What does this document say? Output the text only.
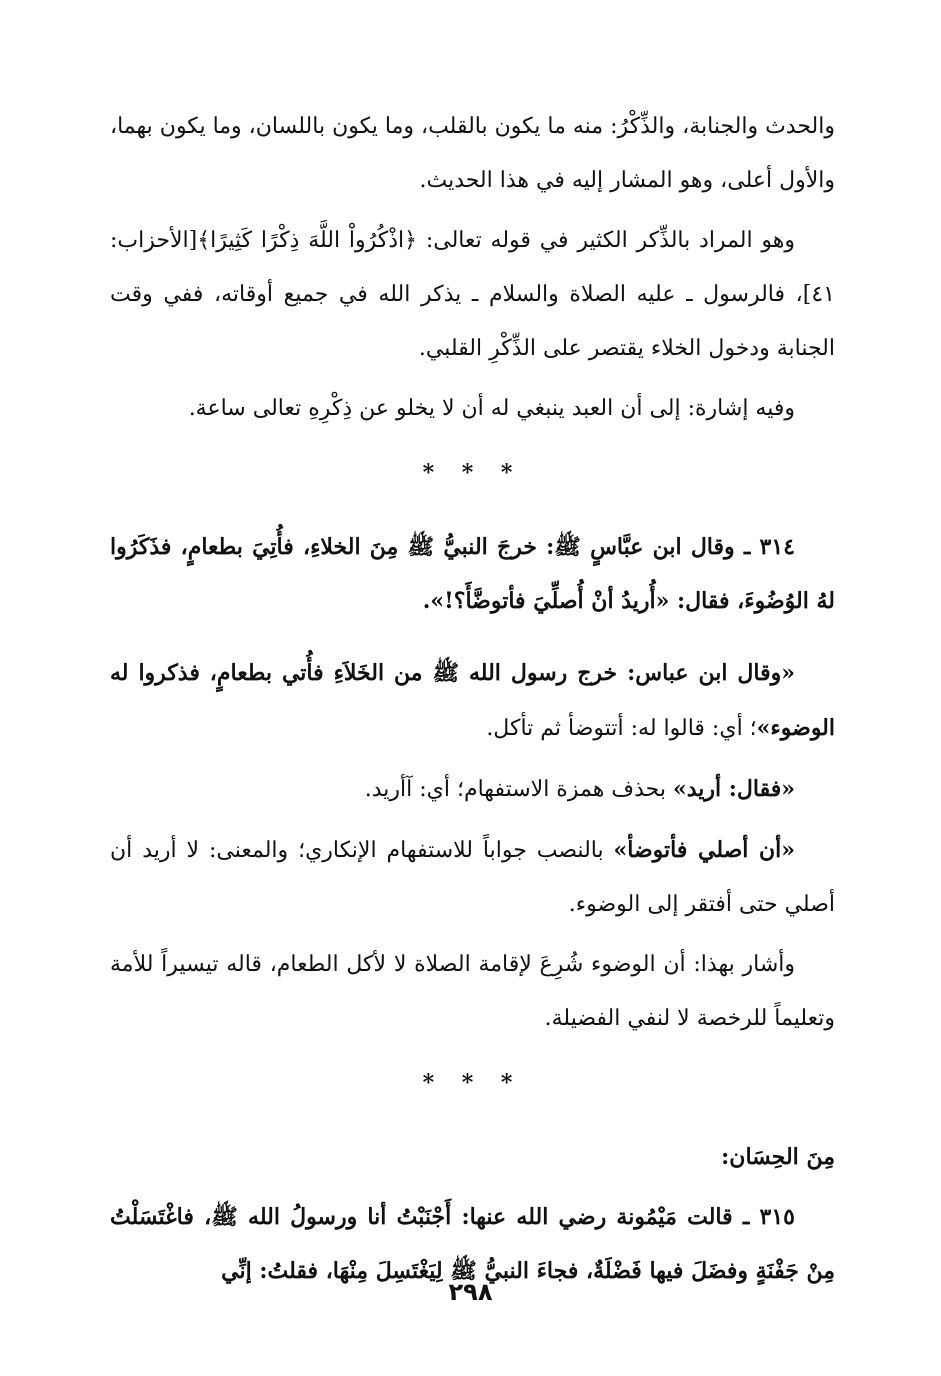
والحدث والجنابة، والذِّكْرُ: منه ما يكون بالقلب، وما يكون باللسان، وما يكون بهما، والأول أعلى، وهو المشار إليه في هذا الحديث.

وهو المراد بالذِّكر الكثير في قوله تعالى: ﴿اذْكُرُواْ اللَّهَ ذِكْرًا كَثِيرًا﴾[الأحزاب: ٤١]، فالرسول ـ عليه الصلاة والسلام ـ يذكر الله في جميع أوقاته، ففي وقت الجنابة ودخول الخلاء يقتصر على الذِّكْرِ القلبي.

وفيه إشارة: إلى أن العبد ينبغي له أن لا يخلو عن ذِكْرِهِ تعالى ساعة.

* * *

٣١٤ ـ وقال ابن عبَّاسٍ ﷺ: خرجَ النبيُّ ﷺ مِنَ الخلاءِ، فأُتِيَ بطعامٍ، فذَكَرُوا لهُ الوُضُوءَ، فقال: «أُريدُ أنْ أُصلِّيَ فأتوضَّأَ؟!».

«وقال ابن عباس: خرج رسول الله ﷺ من الخَلاَءِ فأُتي بطعامٍ، فذكروا له الوضوء»؛ أي: قالوا له: أتتوضأ ثم تأكل.

«فقال: أريد» بحذف همزة الاستفهام؛ أي: آأريد.

«أن أصلي فأتوضأ» بالنصب جواباً للاستفهام الإنكاري؛ والمعنى: لا أريد أن أصلي حتى أفتقر إلى الوضوء.

وأشار بهذا: أن الوضوء شُرِعَ لإقامة الصلاة لا لأكل الطعام، قاله تيسيراً للأمة وتعليماً للرخصة لا لنفي الفضيلة.

* * *
مِنَ الحِسَان:

٣١٥ ـ قالت مَيْمُونة رضي الله عنها: أَجْنَبْتُ أنا ورسولُ الله ﷺ، فاغْتَسَلْتُ مِنْ جَفْنَةٍ وفضَلَ فيها فَضْلَةٌ، فجاءَ النبيُّ ﷺ لِيَغْتَسِلَ مِنْهَا، فقلتُ: إنِّي

٢٩٨
